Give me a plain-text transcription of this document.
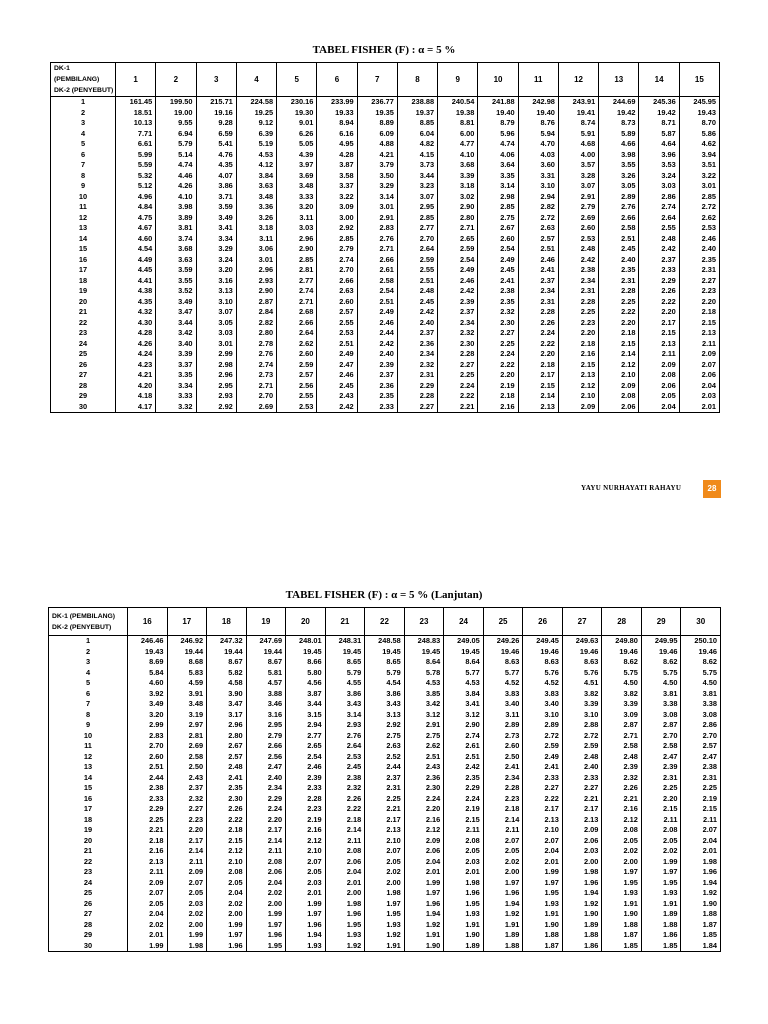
TABEL FISHER (F) : α = 5 %
DK-1 (PEMBILANG)
DK-2 (PENYEBUT)	1	2	3	4	5	6	7	8	9	10	11	12	13	14	15
1	161.45	199.50	215.71	224.58	230.16	233.99	236.77	238.88	240.54	241.88	242.98	243.91	244.69	245.36	245.95
2	18.51	19.00	19.16	19.25	19.30	19.33	19.35	19.37	19.38	19.40	19.40	19.41	19.42	19.42	19.43
3	10.13	9.55	9.28	9.12	9.01	8.94	8.89	8.85	8.81	8.79	8.76	8.74	8.73	8.71	8.70
4	7.71	6.94	6.59	6.39	6.26	6.16	6.09	6.04	6.00	5.96	5.94	5.91	5.89	5.87	5.86
5	6.61	5.79	5.41	5.19	5.05	4.95	4.88	4.82	4.77	4.74	4.70	4.68	4.66	4.64	4.62
6	5.99	5.14	4.76	4.53	4.39	4.28	4.21	4.15	4.10	4.06	4.03	4.00	3.98	3.96	3.94
7	5.59	4.74	4.35	4.12	3.97	3.87	3.79	3.73	3.68	3.64	3.60	3.57	3.55	3.53	3.51
8	5.32	4.46	4.07	3.84	3.69	3.58	3.50	3.44	3.39	3.35	3.31	3.28	3.26	3.24	3.22
9	5.12	4.26	3.86	3.63	3.48	3.37	3.29	3.23	3.18	3.14	3.10	3.07	3.05	3.03	3.01
10	4.96	4.10	3.71	3.48	3.33	3.22	3.14	3.07	3.02	2.98	2.94	2.91	2.89	2.86	2.85
11	4.84	3.98	3.59	3.36	3.20	3.09	3.01	2.95	2.90	2.85	2.82	2.79	2.76	2.74	2.72
12	4.75	3.89	3.49	3.26	3.11	3.00	2.91	2.85	2.80	2.75	2.72	2.69	2.66	2.64	2.62
13	4.67	3.81	3.41	3.18	3.03	2.92	2.83	2.77	2.71	2.67	2.63	2.60	2.58	2.55	2.53
14	4.60	3.74	3.34	3.11	2.96	2.85	2.76	2.70	2.65	2.60	2.57	2.53	2.51	2.48	2.46
15	4.54	3.68	3.29	3.06	2.90	2.79	2.71	2.64	2.59	2.54	2.51	2.48	2.45	2.42	2.40
16	4.49	3.63	3.24	3.01	2.85	2.74	2.66	2.59	2.54	2.49	2.46	2.42	2.40	2.37	2.35
17	4.45	3.59	3.20	2.96	2.81	2.70	2.61	2.55	2.49	2.45	2.41	2.38	2.35	2.33	2.31
18	4.41	3.55	3.16	2.93	2.77	2.66	2.58	2.51	2.46	2.41	2.37	2.34	2.31	2.29	2.27
19	4.38	3.52	3.13	2.90	2.74	2.63	2.54	2.48	2.42	2.38	2.34	2.31	2.28	2.26	2.23
20	4.35	3.49	3.10	2.87	2.71	2.60	2.51	2.45	2.39	2.35	2.31	2.28	2.25	2.22	2.20
21	4.32	3.47	3.07	2.84	2.68	2.57	2.49	2.42	2.37	2.32	2.28	2.25	2.22	2.20	2.18
22	4.30	3.44	3.05	2.82	2.66	2.55	2.46	2.40	2.34	2.30	2.26	2.23	2.20	2.17	2.15
23	4.28	3.42	3.03	2.80	2.64	2.53	2.44	2.37	2.32	2.27	2.24	2.20	2.18	2.15	2.13
24	4.26	3.40	3.01	2.78	2.62	2.51	2.42	2.36	2.30	2.25	2.22	2.18	2.15	2.13	2.11
25	4.24	3.39	2.99	2.76	2.60	2.49	2.40	2.34	2.28	2.24	2.20	2.16	2.14	2.11	2.09
26	4.23	3.37	2.98	2.74	2.59	2.47	2.39	2.32	2.27	2.22	2.18	2.15	2.12	2.09	2.07
27	4.21	3.35	2.96	2.73	2.57	2.46	2.37	2.31	2.25	2.20	2.17	2.13	2.10	2.08	2.06
28	4.20	3.34	2.95	2.71	2.56	2.45	2.36	2.29	2.24	2.19	2.15	2.12	2.09	2.06	2.04
29	4.18	3.33	2.93	2.70	2.55	2.43	2.35	2.28	2.22	2.18	2.14	2.10	2.08	2.05	2.03
30	4.17	3.32	2.92	2.69	2.53	2.42	2.33	2.27	2.21	2.16	2.13	2.09	2.06	2.04	2.01
YAYU NURHAYATI RAHAYU	28
TABEL FISHER (F) : α = 5 % (Lanjutan)
DK-1 (PEMBILANG)
DK-2 (PENYEBUT)	16	17	18	19	20	21	22	23	24	25	26	27	28	29	30
1	246.46	246.92	247.32	247.69	248.01	248.31	248.58	248.83	249.05	249.26	249.45	249.63	249.80	249.95	250.10
2	19.43	19.44	19.44	19.44	19.45	19.45	19.45	19.45	19.45	19.46	19.46	19.46	19.46	19.46	19.46
3	8.69	8.68	8.67	8.67	8.66	8.65	8.65	8.64	8.64	8.63	8.63	8.63	8.62	8.62	8.62
4	5.84	5.83	5.82	5.81	5.80	5.79	5.79	5.78	5.77	5.77	5.76	5.76	5.75	5.75	5.75
5	4.60	4.59	4.58	4.57	4.56	4.55	4.54	4.53	4.53	4.52	4.52	4.51	4.50	4.50	4.50
6	3.92	3.91	3.90	3.88	3.87	3.86	3.86	3.85	3.84	3.83	3.83	3.82	3.82	3.81	3.81
7	3.49	3.48	3.47	3.46	3.44	3.43	3.43	3.42	3.41	3.40	3.40	3.39	3.39	3.38	3.38
8	3.20	3.19	3.17	3.16	3.15	3.14	3.13	3.12	3.12	3.11	3.10	3.10	3.09	3.08	3.08
9	2.99	2.97	2.96	2.95	2.94	2.93	2.92	2.91	2.90	2.89	2.89	2.88	2.87	2.87	2.86
10	2.83	2.81	2.80	2.79	2.77	2.76	2.75	2.75	2.74	2.73	2.72	2.72	2.71	2.70	2.70
11	2.70	2.69	2.67	2.66	2.65	2.64	2.63	2.62	2.61	2.60	2.59	2.59	2.58	2.58	2.57
12	2.60	2.58	2.57	2.56	2.54	2.53	2.52	2.51	2.51	2.50	2.49	2.48	2.48	2.47	2.47
13	2.51	2.50	2.48	2.47	2.46	2.45	2.44	2.43	2.42	2.41	2.41	2.40	2.39	2.39	2.38
14	2.44	2.43	2.41	2.40	2.39	2.38	2.37	2.36	2.35	2.34	2.33	2.33	2.32	2.31	2.31
15	2.38	2.37	2.35	2.34	2.33	2.32	2.31	2.30	2.29	2.28	2.27	2.27	2.26	2.25	2.25
16	2.33	2.32	2.30	2.29	2.28	2.26	2.25	2.24	2.24	2.23	2.22	2.21	2.21	2.20	2.19
17	2.29	2.27	2.26	2.24	2.23	2.22	2.21	2.20	2.19	2.18	2.17	2.17	2.16	2.15	2.15
18	2.25	2.23	2.22	2.20	2.19	2.18	2.17	2.16	2.15	2.14	2.13	2.13	2.12	2.11	2.11
19	2.21	2.20	2.18	2.17	2.16	2.14	2.13	2.12	2.11	2.11	2.10	2.09	2.08	2.08	2.07
20	2.18	2.17	2.15	2.14	2.12	2.11	2.10	2.09	2.08	2.07	2.07	2.06	2.05	2.05	2.04
21	2.16	2.14	2.12	2.11	2.10	2.08	2.07	2.06	2.05	2.05	2.04	2.03	2.02	2.02	2.01
22	2.13	2.11	2.10	2.08	2.07	2.06	2.05	2.04	2.03	2.02	2.01	2.00	2.00	1.99	1.98
23	2.11	2.09	2.08	2.06	2.05	2.04	2.02	2.01	2.01	2.00	1.99	1.98	1.97	1.97	1.96
24	2.09	2.07	2.05	2.04	2.03	2.01	2.00	1.99	1.98	1.97	1.97	1.96	1.95	1.95	1.94
25	2.07	2.05	2.04	2.02	2.01	2.00	1.98	1.97	1.96	1.96	1.95	1.94	1.93	1.93	1.92
26	2.05	2.03	2.02	2.00	1.99	1.98	1.97	1.96	1.95	1.94	1.93	1.92	1.91	1.91	1.90
27	2.04	2.02	2.00	1.99	1.97	1.96	1.95	1.94	1.93	1.92	1.91	1.90	1.90	1.89	1.88
28	2.02	2.00	1.99	1.97	1.96	1.95	1.93	1.92	1.91	1.91	1.90	1.89	1.88	1.88	1.87
29	2.01	1.99	1.97	1.96	1.94	1.93	1.92	1.91	1.90	1.89	1.88	1.88	1.87	1.86	1.85
30	1.99	1.98	1.96	1.95	1.93	1.92	1.91	1.90	1.89	1.88	1.87	1.86	1.85	1.85	1.84
